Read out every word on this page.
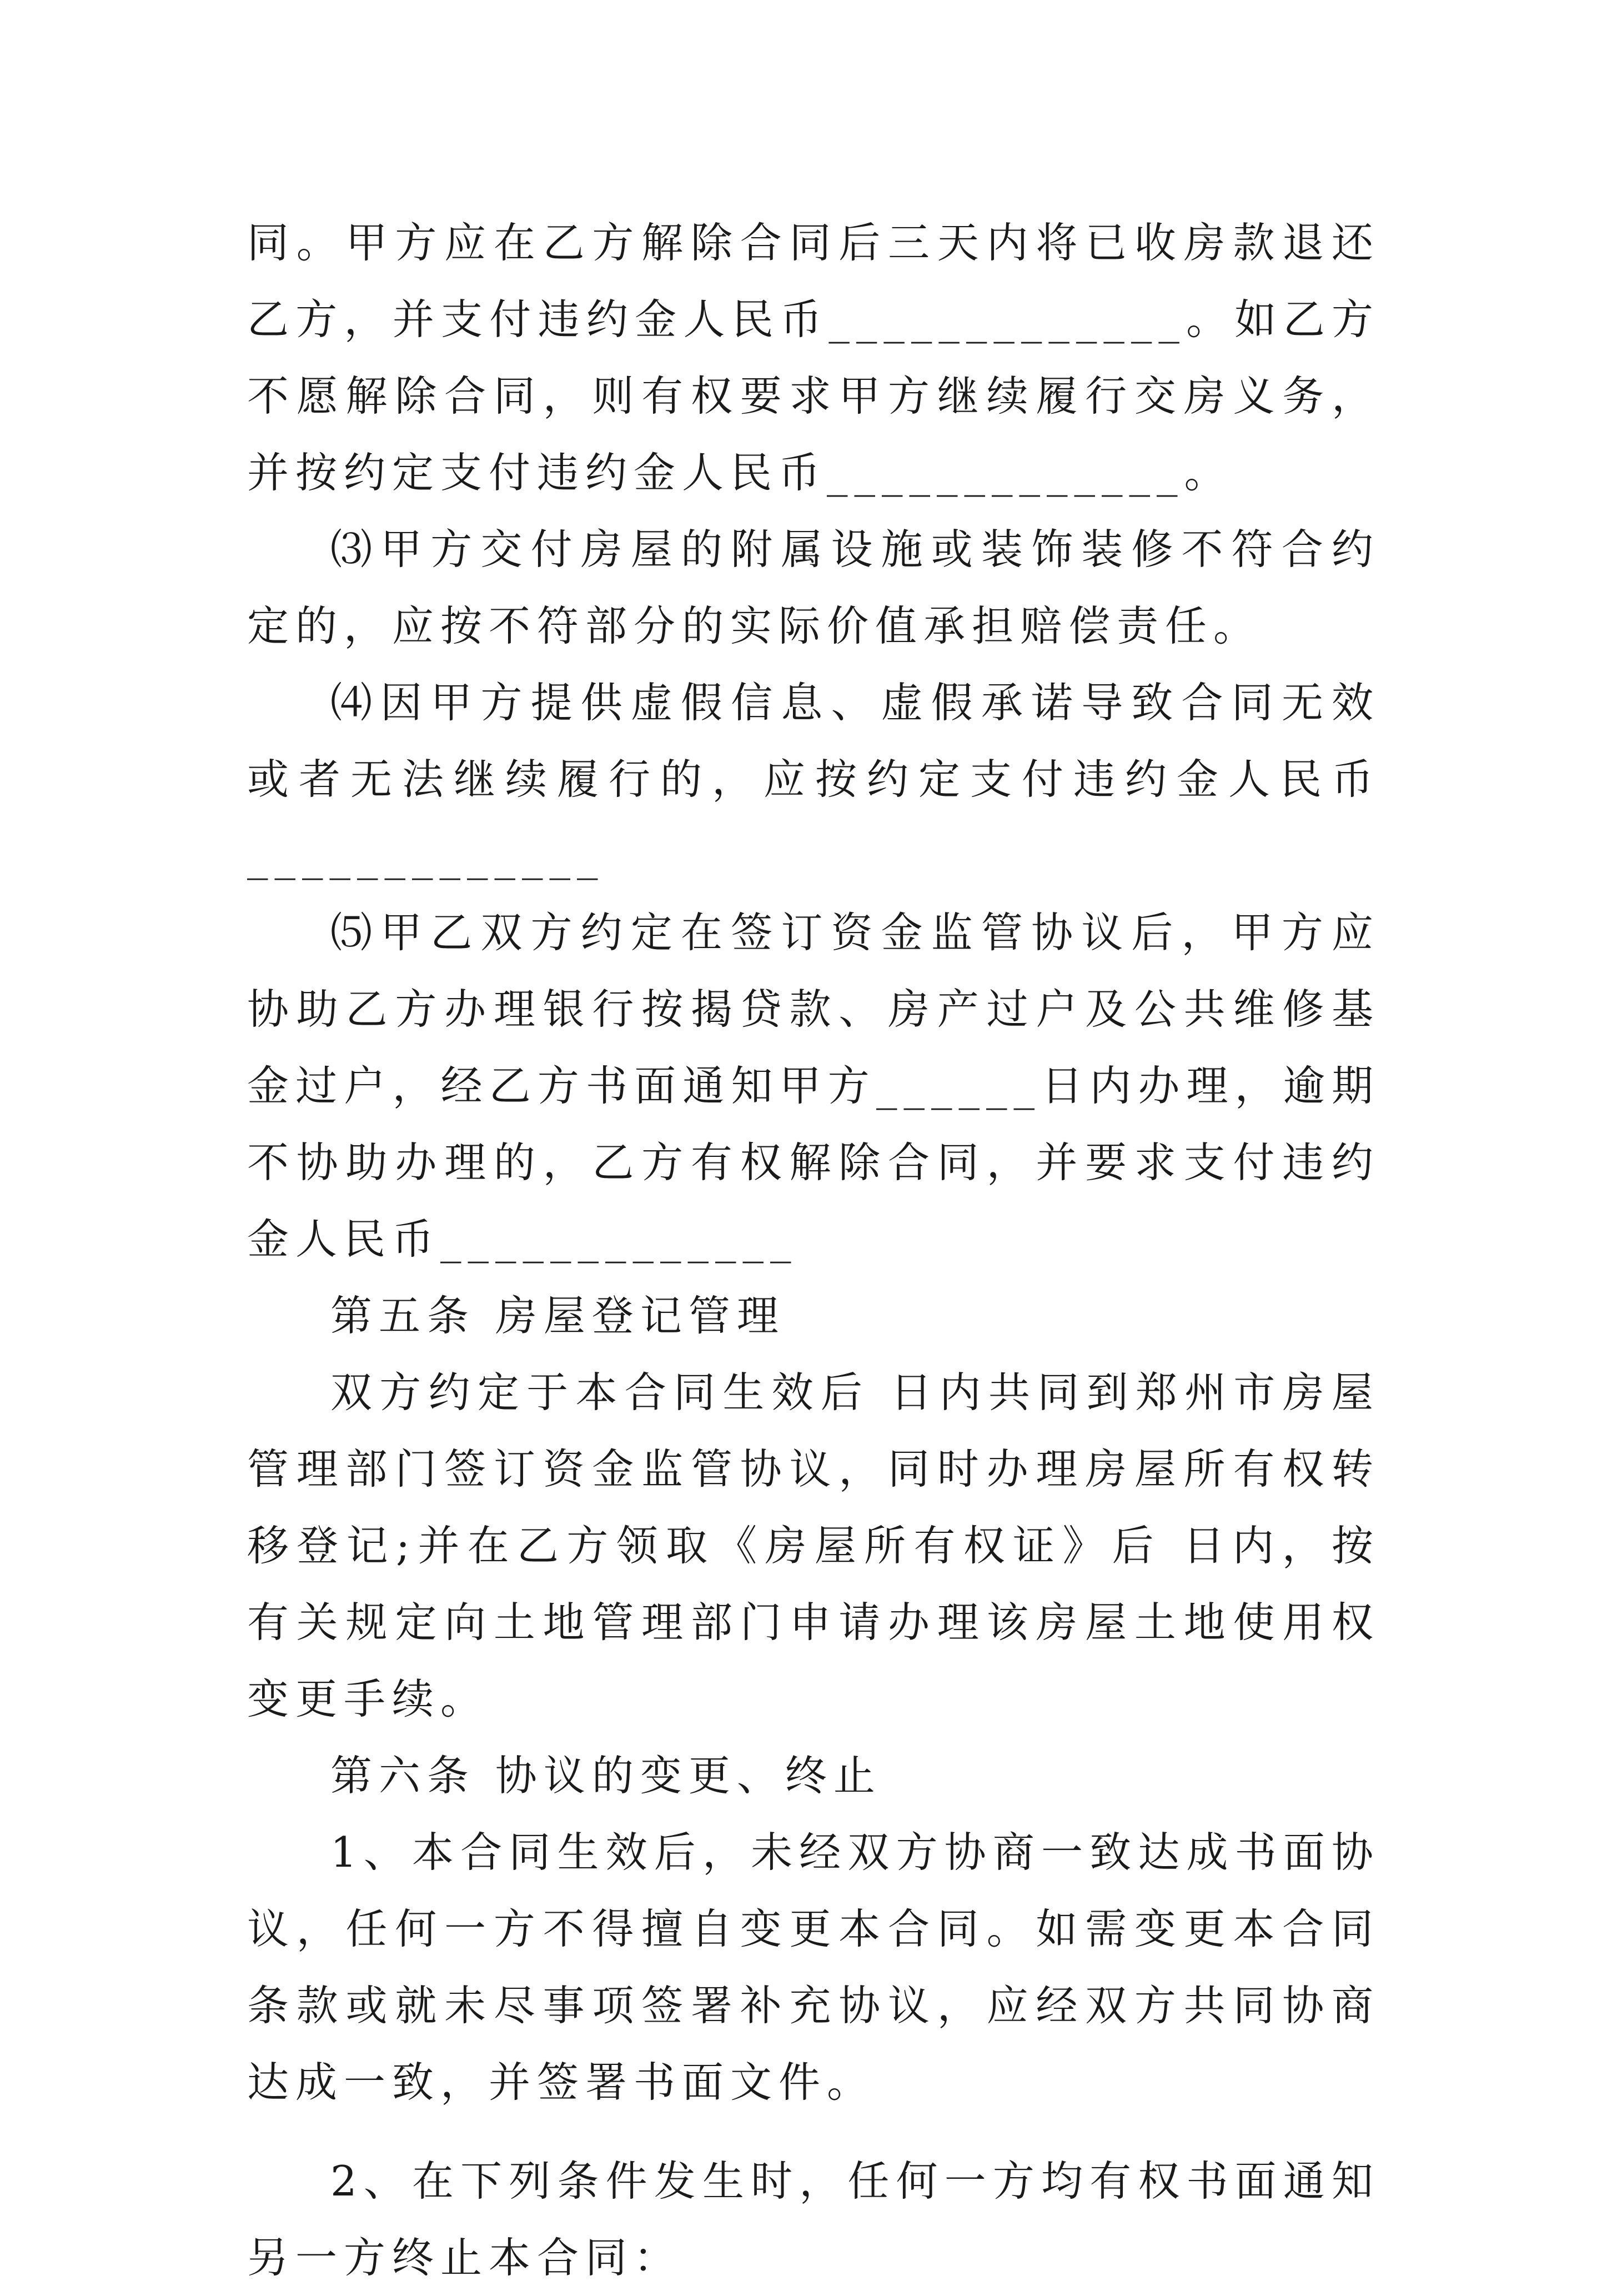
同。甲方应在乙方解除合同后三天内将已收房款退还乙方，并支付违约金人民币_____________。如乙方不愿解除合同，则有权要求甲方继续履行交房义务，并按约定支付违约金人民币_____________。

⑶甲方交付房屋的附属设施或装饰装修不符合约定的，应按不符部分的实际价值承担赔偿责任。

⑷因甲方提供虚假信息、虚假承诺导致合同无效或者无法继续履行的，应按约定支付违约金人民币_____________

⑸甲乙双方约定在签订资金监管协议后，甲方应协助乙方办理银行按揭贷款、房产过户及公共维修基金过户，经乙方书面通知甲方______日内办理，逾期不协助办理的，乙方有权解除合同，并要求支付违约金人民币_____________

第五条 房屋登记管理

双方约定于本合同生效后 日内共同到郑州市房屋管理部门签订资金监管协议，同时办理房屋所有权转移登记;并在乙方领取《房屋所有权证》后 日内，按有关规定向土地管理部门申请办理该房屋土地使用权变更手续。

第六条 协议的变更、终止

1、本合同生效后，未经双方协商一致达成书面协议，任何一方不得擅自变更本合同。如需变更本合同条款或就未尽事项签署补充协议，应经双方共同协商达成一致，并签署书面文件。

2、在下列条件发生时，任何一方均有权书面通知另一方终止本合同：
